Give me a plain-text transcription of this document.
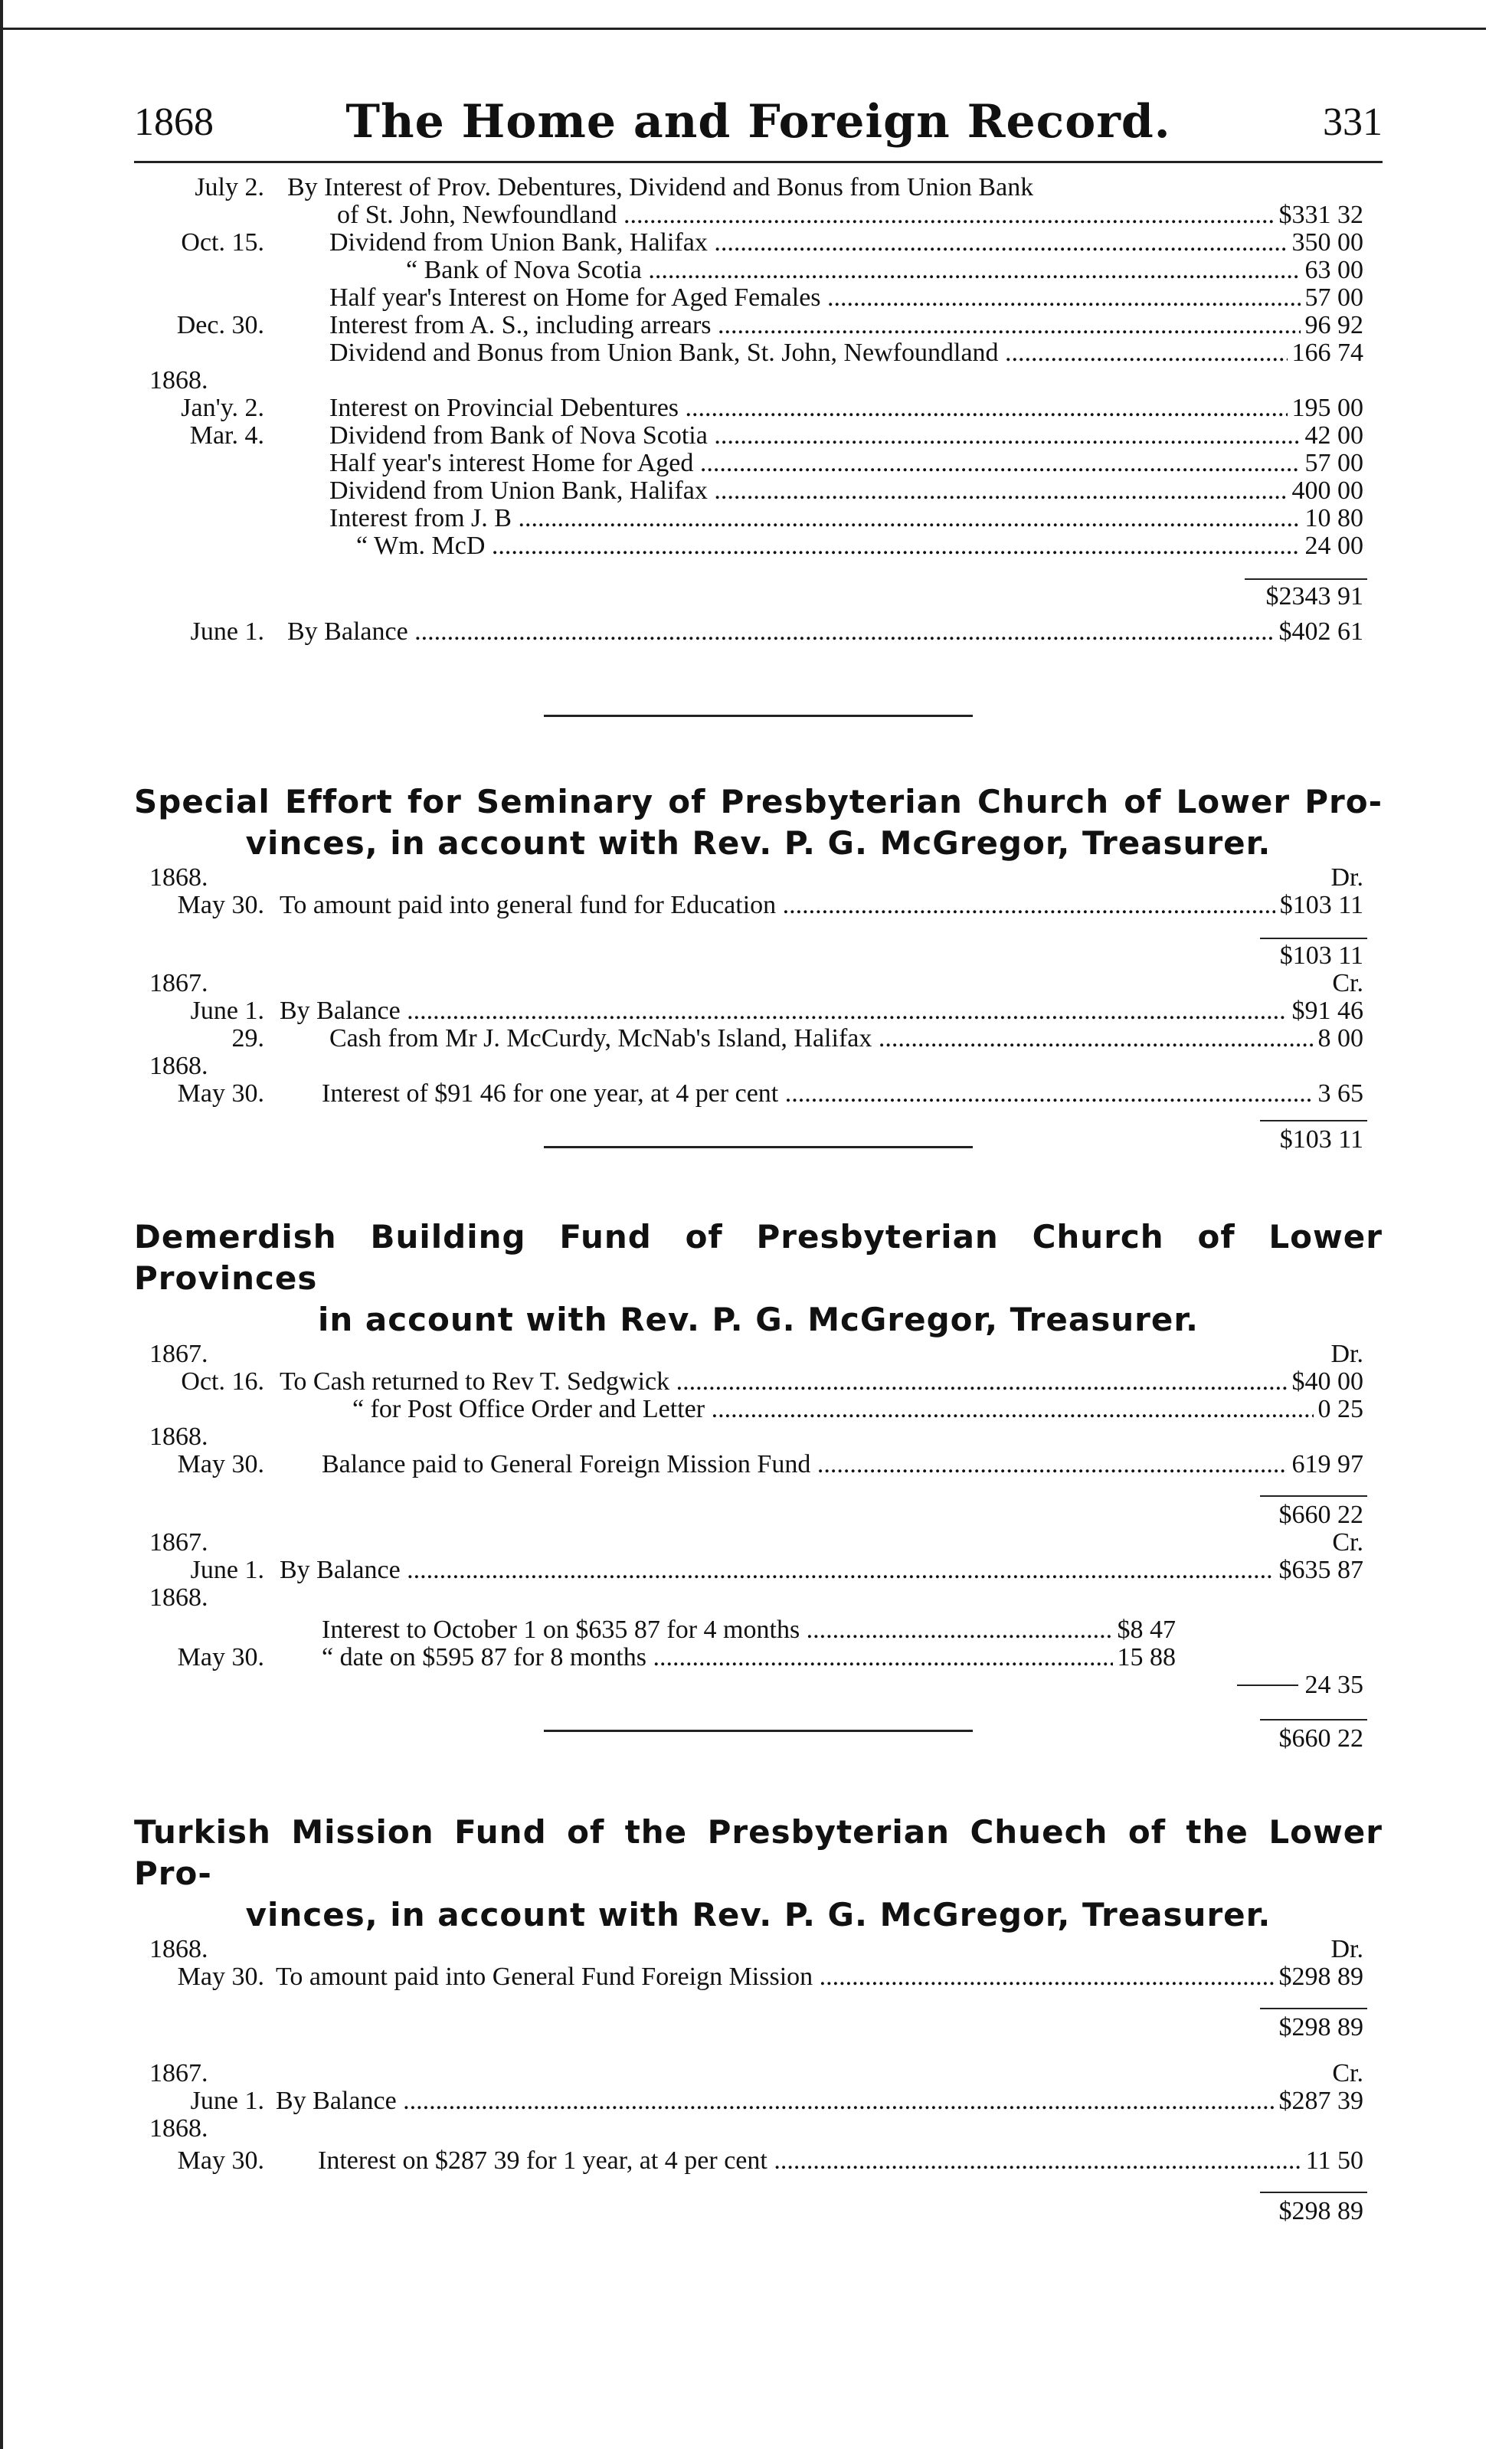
1868	The Home and Foreign Record.	331
July 2. By Interest of Prov. Debentures, Dividend and Bonus from Union Bank
of St. John, Newfoundland .....	$331 32
Oct. 15.	Dividend from Union Bank, Halifax .....	350 00
“ Bank of Nova Scotia .....	63 00
Half year's Interest on Home for Aged Females .....	57 00
Dec. 30.	Interest from A. S., including arrears .....	96 92
Dividend and Bonus from Union Bank, St. John, Newfoundland .....	166 74
1868.
Jan'y. 2.	Interest on Provincial Debentures .....	195 00
Mar. 4.	Dividend from Bank of Nova Scotia .....	42 00
Half year's interest Home for Aged .....	57 00
Dividend from Union Bank, Halifax .....	400 00
Interest from J. B .....	10 80
“ Wm. McD .....	24 00
$2343 91
June 1. By Balance .....	$402 61
Special Effort for Seminary of Presbyterian Church of Lower Pro-
vinces, in account with Rev. P. G. McGregor, Treasurer.
1868.	Dr.
May 30. To amount paid into general fund for Education .....	$103 11
$103 11
1867.	Cr.
June 1. By Balance .....	$91 46
29.	Cash from Mr J. McCurdy, McNab's Island, Halifax .....	8 00
1868.
May 30. Interest of $91 46 for one year, at 4 per cent .....	3 65
$103 11
Demerdish Building Fund of Presbyterian Church of Lower Provinces
in account with Rev. P. G. McGregor, Treasurer.
1867.	Dr.
Oct. 16. To Cash returned to Rev T. Sedgwick .....	$40 00
“ for Post Office Order and Letter .....	0 25
1868.
May 30. Balance paid to General Foreign Mission Fund .....	619 97
$660 22
1867.	Cr.
June 1. By Balance .....	$635 87
1868.
Interest to October 1 on $635 87 for 4 months .....	$8 47
May 30. “ date on $595 87 for 8 months .....	15 88
24 35
$660 22
Turkish Mission Fund of the Presbyterian Chuech of the Lower Pro-
vinces, in account with Rev. P. G. McGregor, Treasurer.
1868.	Dr.
May 30. To amount paid into General Fund Foreign Mission .....	$298 89
$298 89
1867.	Cr.
June 1. By Balance .....	$287 39
1868.
May 30. Interest on $287 39 for 1 year, at 4 per cent .....	11 50
$298 89
